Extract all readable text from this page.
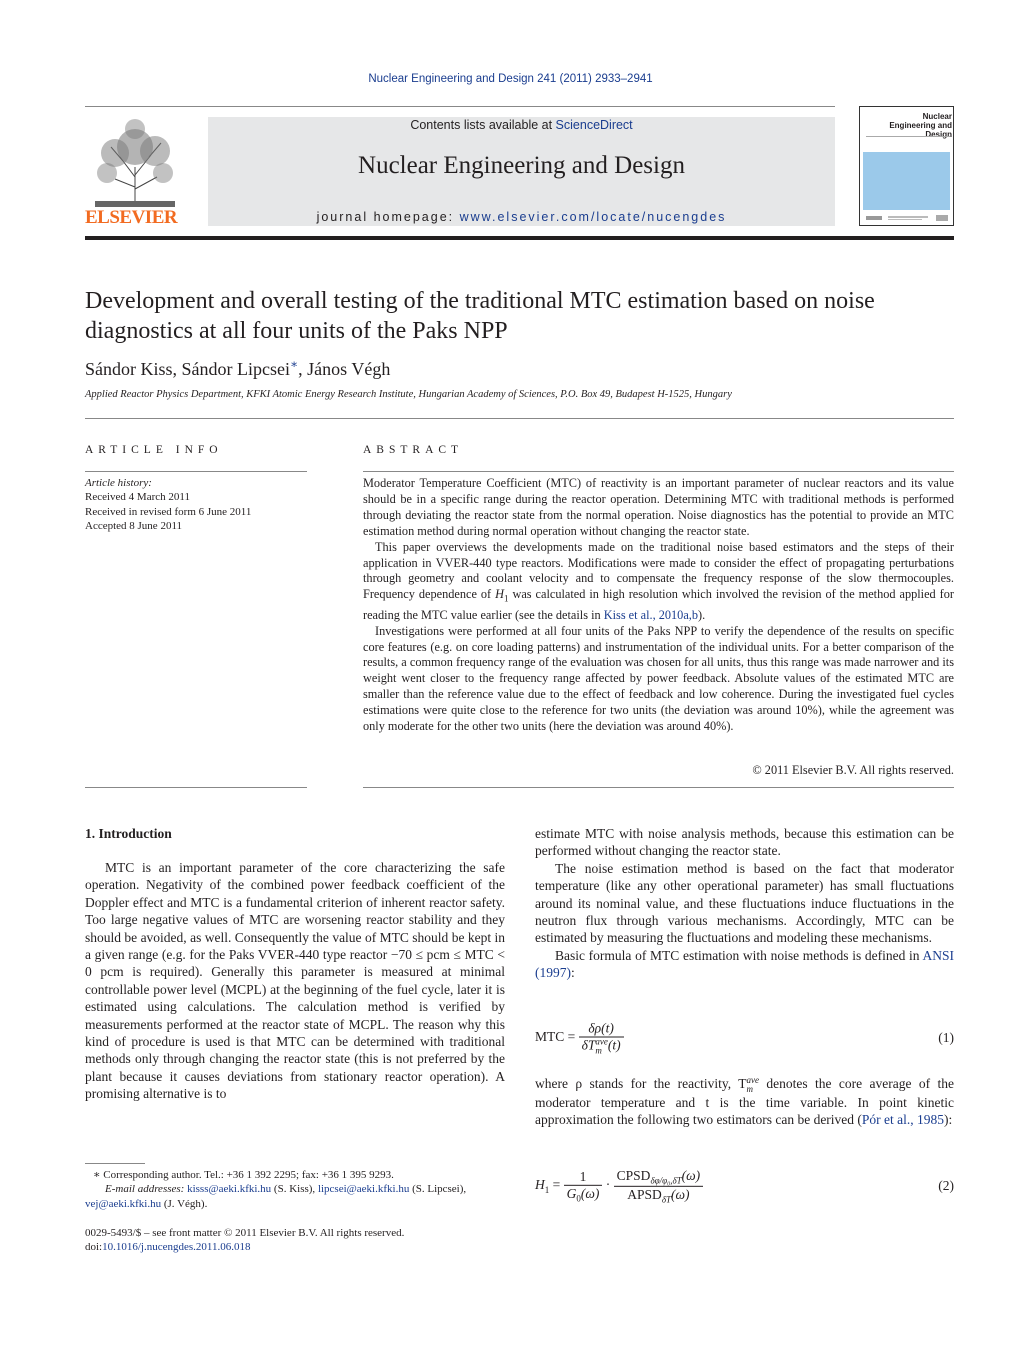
Nuclear Engineering and Design 241 (2011) 2933–2941
ELSEVIER
Contents lists available at ScienceDirect
Nuclear Engineering and Design
journal homepage: www.elsevier.com/locate/nucengdes
Nuclear Engineering and Design
Development and overall testing of the traditional MTC estimation based on noise diagnostics at all four units of the Paks NPP
Sándor Kiss, Sándor Lipcsei∗, János Végh
Applied Reactor Physics Department, KFKI Atomic Energy Research Institute, Hungarian Academy of Sciences, P.O. Box 49, Budapest H-1525, Hungary
ARTICLE INFO
Article history:
Received 4 March 2011
Received in revised form 6 June 2011
Accepted 8 June 2011
ABSTRACT

Moderator Temperature Coefficient (MTC) of reactivity is an important parameter of nuclear reactors and its value should be in a specific range during the reactor operation. Determining MTC with traditional methods is performed through deviating the reactor state from the normal operation. Noise diagnostics has the potential to provide an MTC estimation method during normal operation without changing the reactor state.

This paper overviews the developments made on the traditional noise based estimators and the steps of their application in VVER-440 type reactors. Modifications were made to consider the effect of propagating perturbations through geometry and coolant velocity and to compensate the frequency response of the slow thermocouples. Frequency dependence of $H_1$ was calculated in high resolution which involved the revision of the method applied for reading the MTC value earlier (see the details in Kiss et al., 2010a,b).

Investigations were performed at all four units of the Paks NPP to verify the dependence of the results on specific core features (e.g. on core loading patterns) and instrumentation of the individual units. For a better comparison of the results, a common frequency range of the evaluation was chosen for all units, thus this range was made narrower and its weight went closer to the frequency range affected by power feedback. Absolute values of the estimated MTC are smaller than the reference value due to the effect of feedback and low coherence. During the investigated fuel cycles estimations were quite close to the reference for two units (the deviation was around 10%), while the agreement was only moderate for the other two units (here the deviation was around 40%).

© 2011 Elsevier B.V. All rights reserved.
1. Introduction

MTC is an important parameter of the core characterizing the safe operation. Negativity of the combined power feedback coefficient of the Doppler effect and MTC is a fundamental criterion of inherent reactor safety. Too large negative values of MTC are worsening reactor stability and they should be avoided, as well. Consequently the value of MTC should be kept in a given range (e.g. for the Paks VVER-440 type reactor −70 ≤ pcm ≤ MTC < 0 pcm is required). Generally this parameter is measured at minimal controllable power level (MCPL) at the beginning of the fuel cycle, later it is estimated using calculations. The calculation method is verified by measurements performed at the reactor state of MCPL. The reason why this kind of procedure is used is that MTC can be determined with traditional methods only through changing the reactor state (this is not preferred by the plant because it causes deviations from stationary reactor operation). A promising alternative is to

estimate MTC with noise analysis methods, because this estimation can be performed without changing the reactor state.

The noise estimation method is based on the fact that moderator temperature (like any other operational parameter) has small fluctuations around its nominal value, and these fluctuations induce fluctuations in the neutron flux through various mechanisms. Accordingly, MTC can be estimated by measuring the fluctuations and modeling these mechanisms.

Basic formula of MTC estimation with noise methods is defined in ANSI (1997):

MTC = δρ(t)
δT ave
m (t)	(1)

where ρ stands for the reactivity, T ave
m denotes the core average of the moderator temperature and t is the time variable. In point kinetic approximation the following two estimators can be derived (Pór et al., 1985):

$H_1 = \frac{1}{G_0(\omega)} \cdot \frac{CPSD_{\delta\varphi/\varphi_0,\delta T}(\omega)}{APSD_{\delta T}(\omega)}$	(2)

∗ Corresponding author. Tel.: +36 1 392 2295; fax: +36 1 395 9293.

E-mail addresses: kisss@aeki.kfki.hu (S. Kiss), lipcsei@aeki.kfki.hu (S. Lipcsei),

vej@aeki.kfki.hu (J. Végh).

0029-5493/$ – see front matter © 2011 Elsevier B.V. All rights reserved.
doi:10.1016/j.nucengdes.2011.06.018
